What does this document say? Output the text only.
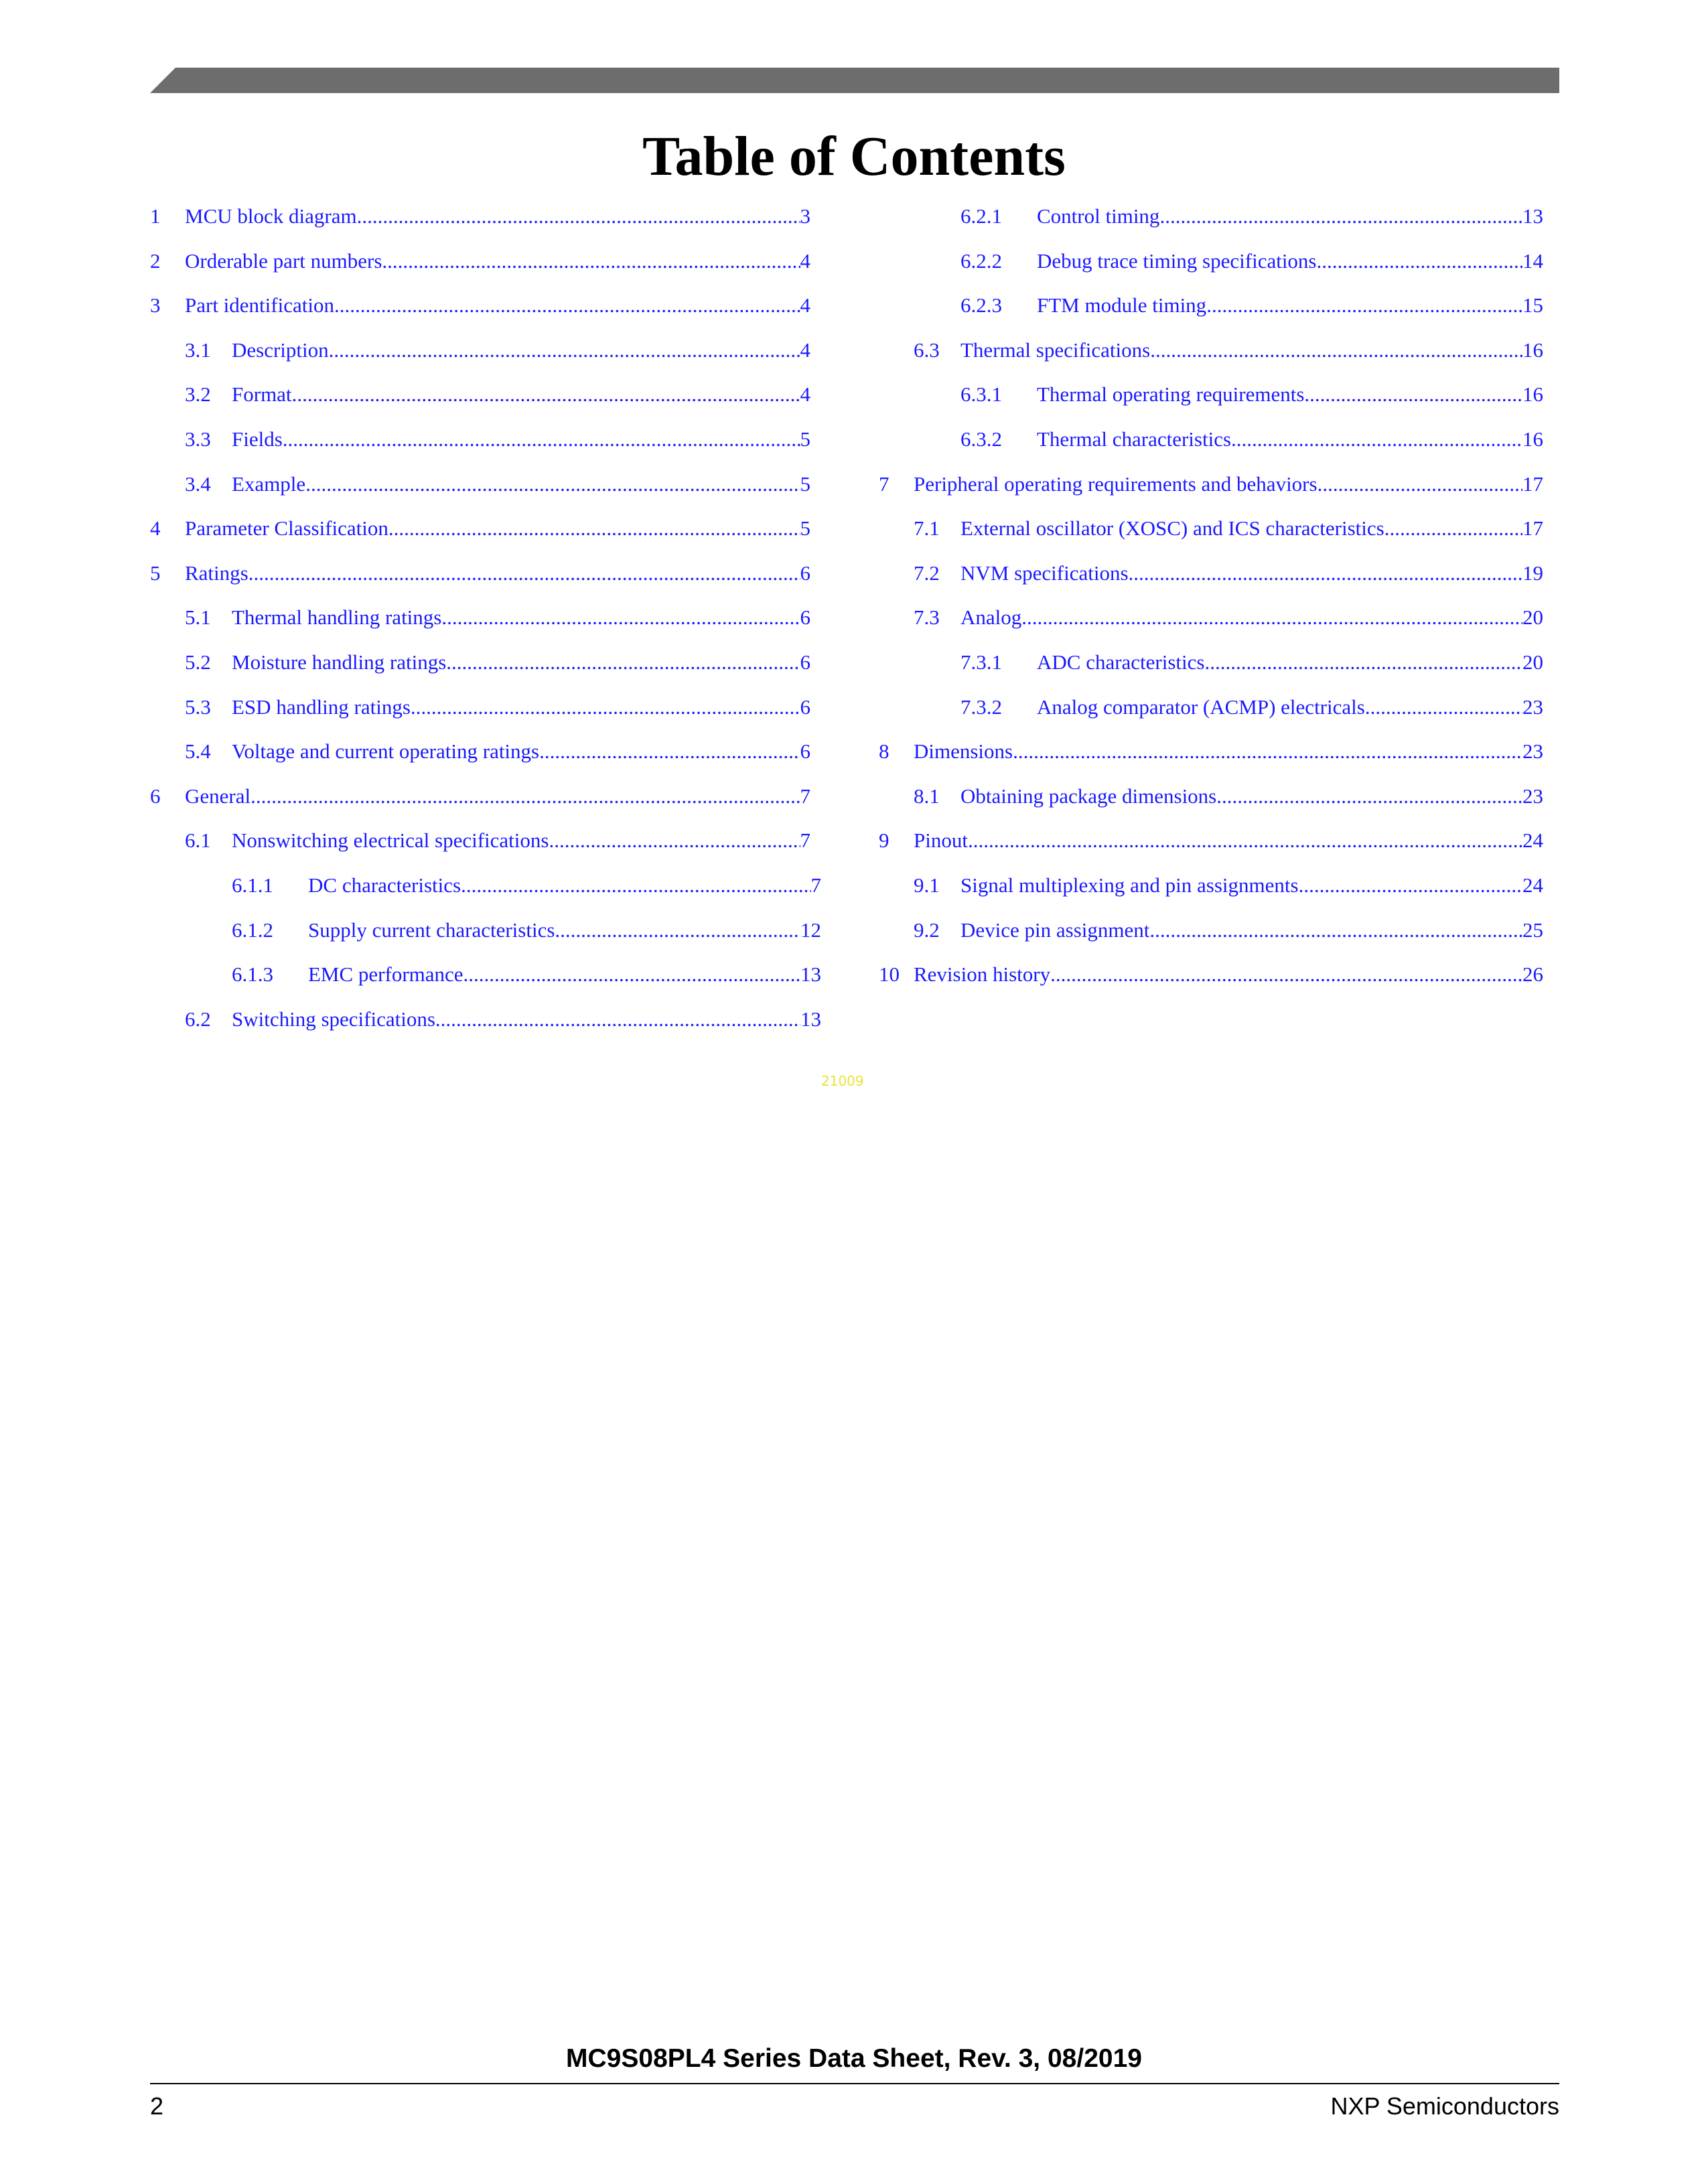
Table of Contents
1 MCU block diagram .....	3
2 Orderable part numbers .....	4
3 Part identification .....	4
3.1 Description .....	4
3.2 Format .....	4
3.3 Fields .....	5
3.4 Example .....	5
4 Parameter Classification .....	5
5 Ratings .....	6
5.1 Thermal handling ratings .....	6
5.2 Moisture handling ratings .....	6
5.3 ESD handling ratings .....	6
5.4 Voltage and current operating ratings .....	6
6 General .....	7
6.1 Nonswitching electrical specifications .....	7
6.1.1 DC characteristics .....	7
6.1.2 Supply current characteristics .....	12
6.1.3 EMC performance .....	13
6.2 Switching specifications .....	13
6.2.1 Control timing .....	13
6.2.2 Debug trace timing specifications .....	14
6.2.3 FTM module timing .....	15
6.3 Thermal specifications .....	16
6.3.1 Thermal operating requirements .....	16
6.3.2 Thermal characteristics .....	16
7 Peripheral operating requirements and behaviors .....	17
7.1 External oscillator (XOSC) and ICS characteristics .....	17
7.2 NVM specifications .....	19
7.3 Analog .....	20
7.3.1 ADC characteristics .....	20
7.3.2 Analog comparator (ACMP) electricals .....	23
8 Dimensions .....	23
8.1 Obtaining package dimensions .....	23
9 Pinout .....	24
9.1 Signal multiplexing and pin assignments .....	24
9.2 Device pin assignment .....	25
10 Revision history .....	26
21009
MC9S08PL4 Series Data Sheet, Rev. 3, 08/2019
2	NXP Semiconductors
